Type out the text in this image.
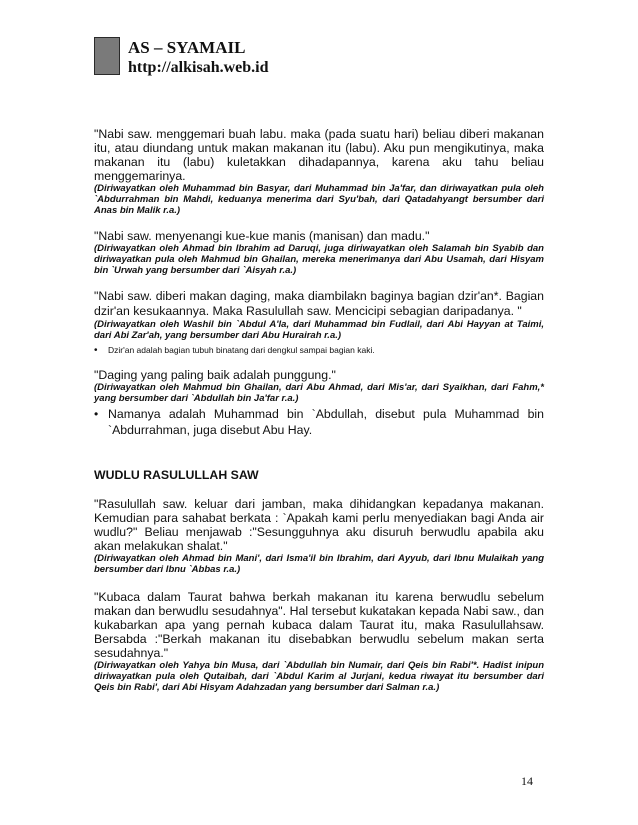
AS – SYAMAIL
http://alkisah.web.id

"Nabi saw. menggemari buah labu. maka (pada suatu hari) beliau diberi makanan itu, atau diundang untuk makan makanan itu (labu). Aku pun mengikutinya, maka makanan itu (labu) kuletakkan dihadapannya, karena aku tahu beliau menggemarinya.

(Diriwayatkan oleh Muhammad bin Basyar, dari Muhammad bin Ja'far, dan diriwayatkan pula oleh `Abdurrahman bin Mahdi, keduanya menerima dari Syu'bah, dari Qatadahyangt bersumber dari Anas bin Malik r.a.)

"Nabi saw. menyenangi kue-kue manis (manisan) dan madu."

(Diriwayatkan oleh Ahmad bin Ibrahim ad Daruqi, juga diriwayatkan oleh Salamah bin Syabib dan diriwayatkan pula oleh Mahmud bin Ghailan, mereka menerimanya dari Abu Usamah, dari Hisyam bin `Urwah yang bersumber dari `Aisyah r.a.)

"Nabi saw. diberi makan daging, maka diambilakn baginya bagian dzir'an*. Bagian dzir'an kesukaannya. Maka Rasulullah saw. Mencicipi sebagian daripadanya. "

(Diriwayatkan oleh Washil bin `Abdul A'la, dari Muhammad bin Fudlail, dari Abi Hayyan at Taimi, dari Abi Zar'ah, yang bersumber dari Abu Hurairah r.a.)

•	Dzir'an adalah bagian tubuh binatang dari dengkul sampai bagian kaki.

"Daging yang paling baik adalah punggung."

(Diriwayatkan oleh Mahmud bin Ghailan, dari Abu Ahmad, dari Mis'ar, dari Syaikhan, dari Fahm,* yang bersumber dari `Abdullah bin Ja'far r.a.)

• Namanya adalah Muhammad bin `Abdullah, disebut pula Muhammad bin `Abdurrahman, juga disebut Abu Hay.

WUDLU RASULULLAH SAW

"Rasulullah saw. keluar dari jamban, maka dihidangkan kepadanya makanan. Kemudian para sahabat berkata : `Apakah kami perlu menyediakan bagi Anda air wudlu?" Beliau menjawab :"Sesungguhnya aku disuruh berwudlu apabila aku akan melakukan shalat."

(Diriwayatkan oleh Ahmad bin Mani', dari Isma'il bin Ibrahim, dari Ayyub, dari Ibnu Mulaikah yang bersumber dari Ibnu `Abbas r.a.)

"Kubaca dalam Taurat bahwa berkah makanan itu karena berwudlu sebelum makan dan berwudlu sesudahnya". Hal tersebut kukatakan kepada Nabi saw., dan kukabarkan apa yang pernah kubaca dalam Taurat itu, maka Rasulullahsaw. Bersabda :"Berkah makanan itu disebabkan berwudlu sebelum makan serta sesudahnya."

(Diriwayatkan oleh Yahya bin Musa, dari `Abdullah bin Numair, dari Qeis bin Rabi'*. Hadist inipun diriwayatkan pula oleh Qutaibah, dari `Abdul Karim al Jurjani, kedua riwayat itu bersumber dari Qeis bin Rabi', dari Abi Hisyam Adahzadan yang bersumber dari Salman r.a.)

14
